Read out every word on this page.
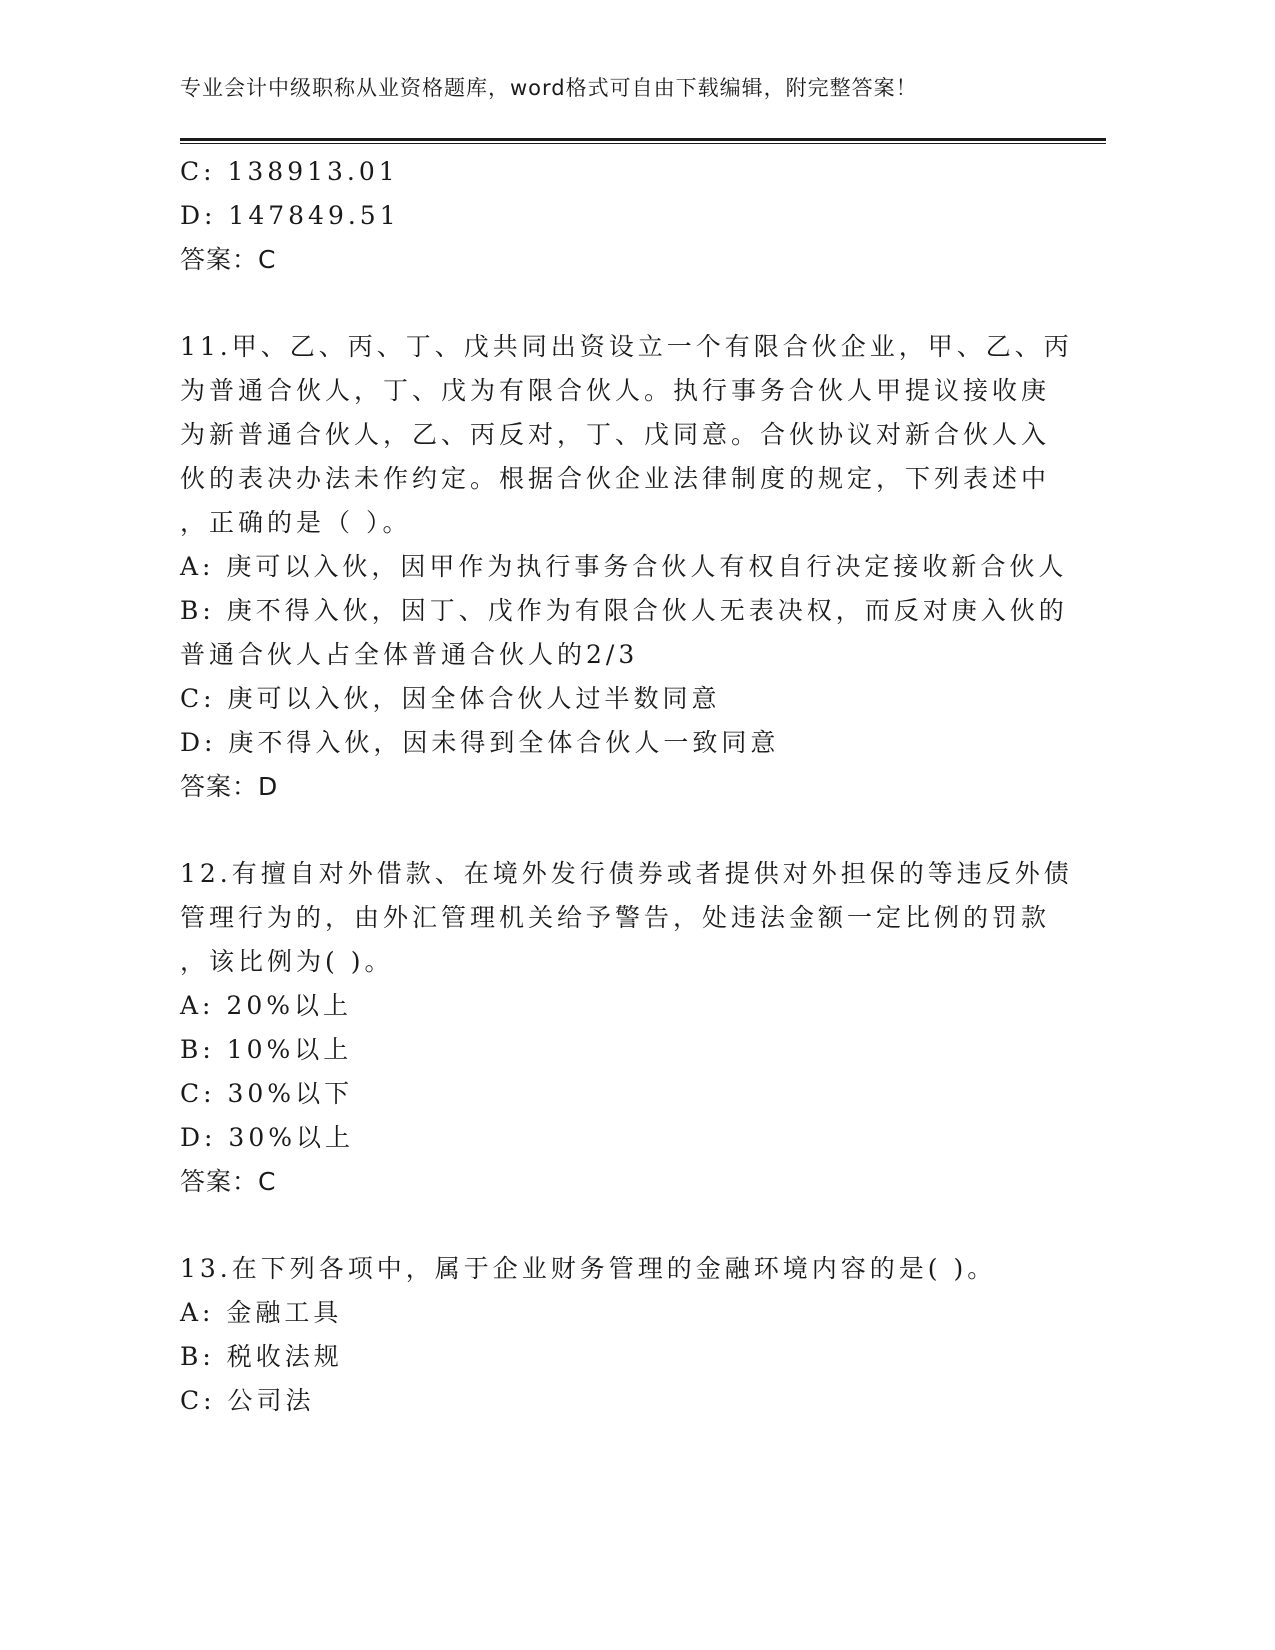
专业会计中级职称从业资格题库，word格式可自由下载编辑，附完整答案！
C: 138913.01
D: 147849.51
答案：C
11.甲、乙、丙、丁、戊共同出资设立一个有限合伙企业，甲、乙、丙
为普通合伙人，丁、戊为有限合伙人。执行事务合伙人甲提议接收庚
为新普通合伙人，乙、丙反对，丁、戊同意。合伙协议对新合伙人入
伙的表决办法未作约定。根据合伙企业法律制度的规定，下列表述中
，正确的是（ ）。
A: 庚可以入伙，因甲作为执行事务合伙人有权自行决定接收新合伙人
B: 庚不得入伙，因丁、戊作为有限合伙人无表决权，而反对庚入伙的
普通合伙人占全体普通合伙人的2/3
C: 庚可以入伙，因全体合伙人过半数同意
D: 庚不得入伙，因未得到全体合伙人一致同意
答案：D
12.有擅自对外借款、在境外发行债券或者提供对外担保的等违反外债
管理行为的，由外汇管理机关给予警告，处违法金额一定比例的罚款
，该比例为( )。
A: 20%以上
B: 10%以上
C: 30%以下
D: 30%以上
答案：C
13.在下列各项中，属于企业财务管理的金融环境内容的是( )。
A: 金融工具
B: 税收法规
C: 公司法
